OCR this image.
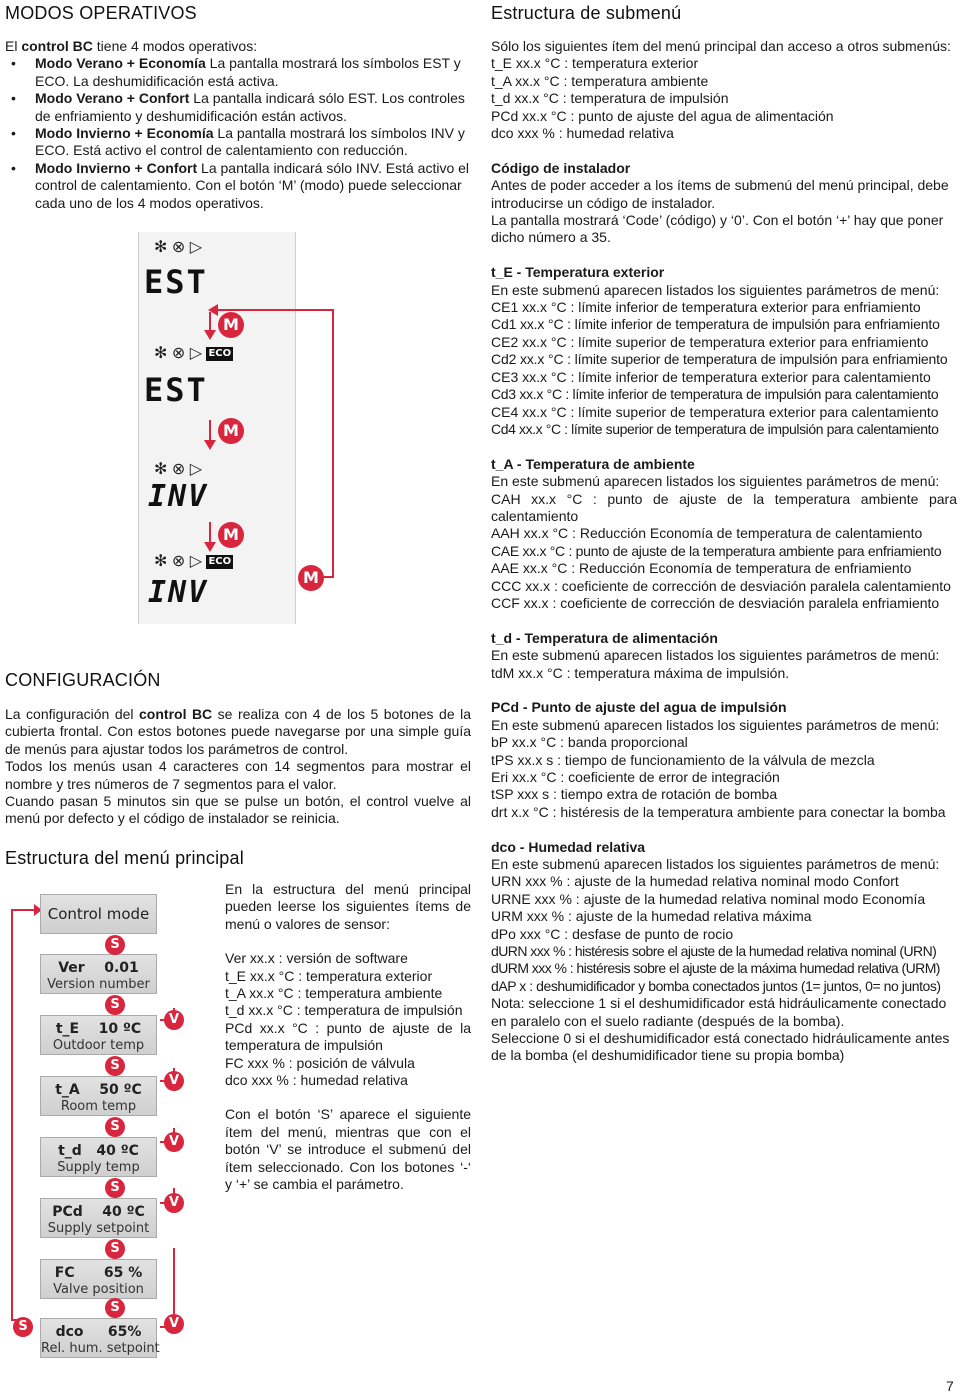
MODOS OPERATIVOS

El control BC tiene 4 modos operativos:

• Modo Verano + Economía La pantalla mostrará los símbolos EST y ECO. La deshumidificación está activa.
• Modo Verano + Confort La pantalla indicará sólo EST. Los controles de enfriamiento y deshumidificación están activos.
• Modo Invierno + Economía La pantalla mostrará los símbolos INV y ECO. Está activo el control de calentamiento con reducción.
• Modo Invierno + Confort La pantalla indicará sólo INV. Está activo el control de calentamiento. Con el botón ‘M’ (modo) puede seleccionar cada uno de los 4 modos operativos.
✻ ⊗ ▷
EST
✻ ⊗ ▷ ECO
EST
✻ ⊗ ▷
INV
✻ ⊗ ▷ ECO
INV
M
M
M
M
CONFIGURACIÓN

La configuración del control BC se realiza con 4 de los 5 botones de la cubierta frontal. Con estos botones puede navegarse por una simple guía de menús para ajustar todos los parámetros de control.

Todos los menús usan 4 caracteres con 14 segmentos para mostrar el nombre y tres números de 7 segmentos para el valor.

Cuando pasan 5 minutos sin que se pulse un botón, el control vuelve al menú por defecto y el código de instalador se reinicia.

Estructura del menú principal
Control mode
Ver    0.01
Version number
t_E    10 ºC
Outdoor temp
t_A    50 ºC
Room temp
t_d   40 ºC
Supply temp
PCd    40 ºC
Supply setpoint
FC      65 %
Valve position
dco     65%
Rel. hum. setpoint
S
S
S
S
S
S
S
S
V
V
V
V
V

En la estructura del menú principal pueden leerse los siguientes ítems de menú o valores de sensor:

Ver xx.x : versión de software

t_E xx.x °C : temperatura exterior

t_A xx.x °C : temperatura ambiente

t_d xx.x °C : temperatura de impulsión

PCd xx.x °C : punto de ajuste de la temperatura de impulsión

FC xxx % : posición de válvula

dco xxx % : humedad relativa

Con el botón ‘S’ aparece el siguiente ítem del menú, mientras que con el botón ‘V’ se introduce el submenú del ítem seleccionado. Con los botones ‘-‘ y ‘+’ se cambia el parámetro.

Estructura de submenú

Sólo los siguientes ítem del menú principal dan acceso a otros submenús:

t_E xx.x °C : temperatura exterior

t_A xx.x °C : temperatura ambiente

t_d xx.x °C : temperatura de impulsión

PCd xx.x °C : punto de ajuste del agua de alimentación

dco xxx % : humedad relativa

Código de instalador

Antes de poder acceder a los ítems de submenú del menú principal, debe introducirse un código de instalador.

La pantalla mostrará ‘Code’ (código) y ‘0’. Con el botón ‘+’ hay que poner dicho número a 35.

t_E - Temperatura exterior

En este submenú aparecen listados los siguientes parámetros de menú:

CE1 xx.x °C : límite inferior de temperatura exterior para enfriamiento

Cd1 xx.x °C : límite inferior de temperatura de impulsión para enfriamiento

CE2 xx.x °C : límite superior de temperatura exterior para enfriamiento

Cd2 xx.x °C : límite superior de temperatura de impulsión para enfriamiento

CE3 xx.x °C : límite inferior de temperatura exterior para calentamiento

Cd3 xx.x °C : límite inferior de temperatura de impulsión para calentamiento

CE4 xx.x °C : límite superior de temperatura exterior para calentamiento

Cd4 xx.x °C : límite superior de temperatura de impulsión para calentamiento

t_A - Temperatura de ambiente

En este submenú aparecen listados los siguientes parámetros de menú:

CAH xx.x °C : punto de ajuste de la temperatura ambiente para calentamiento

AAH xx.x °C : Reducción Economía de temperatura de calentamiento

CAE xx.x °C : punto de ajuste de la temperatura ambiente para enfriamiento

AAE xx.x °C : Reducción Economía de temperatura de enfriamiento

CCC xx.x : coeficiente de corrección de desviación paralela calentamiento

CCF xx.x : coeficiente de corrección de desviación paralela enfriamiento

t_d - Temperatura de alimentación

En este submenú aparecen listados los siguientes parámetros de menú:

tdM xx.x °C : temperatura máxima de impulsión.

PCd - Punto de ajuste del agua de impulsión

En este submenú aparecen listados los siguientes parámetros de menú:

bP xx.x °C : banda proporcional

tPS xx.x s : tiempo de funcionamiento de la válvula de mezcla

Eri xx.x °C : coeficiente de error de integración

tSP xxx s : tiempo extra de rotación de bomba

drt x.x °C : histéresis de la temperatura ambiente para conectar la bomba

dco - Humedad relativa

En este submenú aparecen listados los siguientes parámetros de menú:

URN xxx % : ajuste de la humedad relativa nominal modo Confort

URNE xxx % : ajuste de la humedad relativa nominal modo Economía

URM xxx % : ajuste de la humedad relativa máxima

dPo xxx °C : desfase de punto de rocio

dURN xxx % : histéresis sobre el ajuste de la humedad relativa nominal (URN)

dURM xxx % : histéresis sobre el ajuste de la máxima humedad relativa (URM)

dAP x : deshumidificador y bomba conectados juntos (1= juntos, 0= no juntos)

Nota: seleccione 1 si el deshumidificador está hidráulicamente conectado en paralelo con el suelo radiante (después de la bomba).

Seleccione 0 si el deshumidificador está conectado hidráulicamente antes de la bomba (el deshumidificador tiene su propia bomba)

7
